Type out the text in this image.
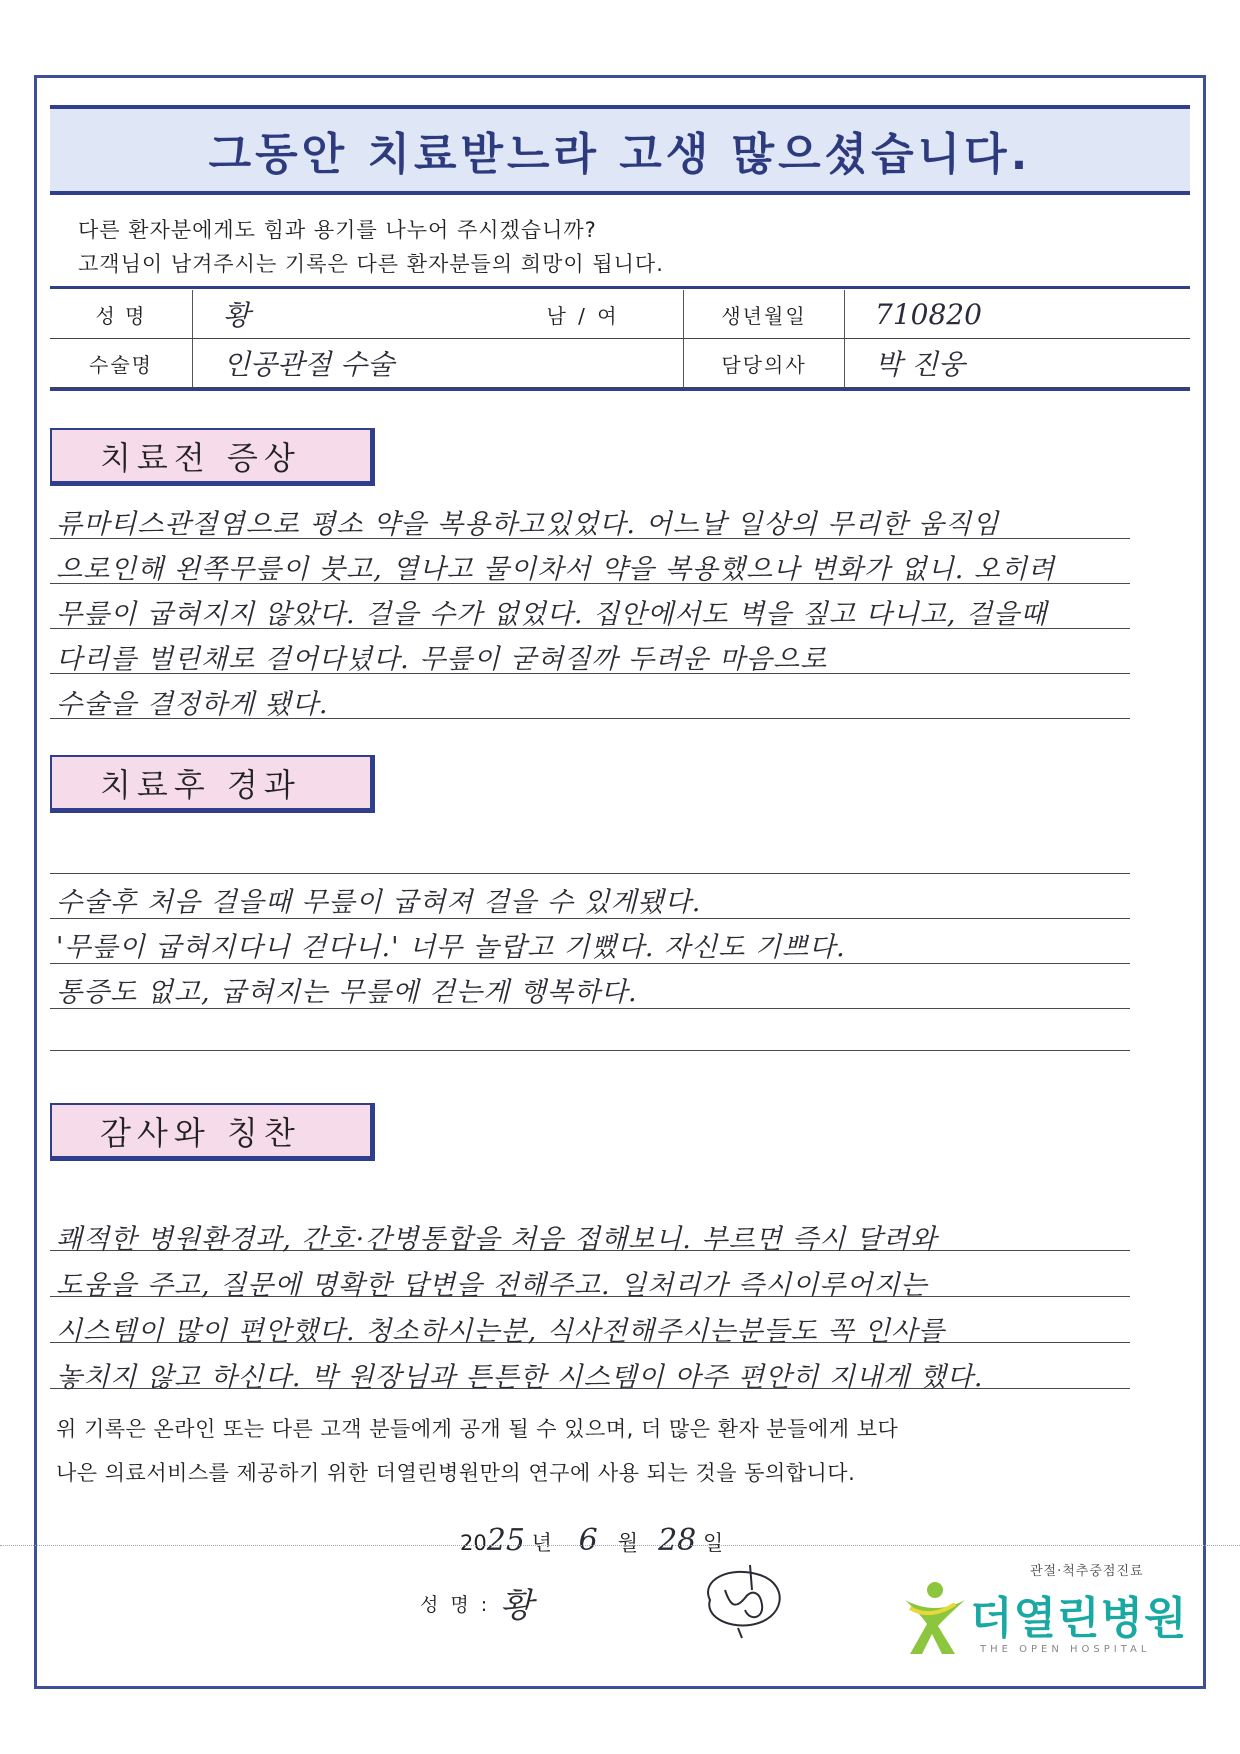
그동안 치료받느라 고생 많으셨습니다.
다른 환자분에게도 힘과 용기를 나누어 주시겠습니까?
고객님이 남겨주시는 기록은 다른 환자분들의 희망이 됩니다.
성 명	황	남 / 여	생년월일	710820
수술명	인공관절 수술		담당의사	박 진웅
치료전 증상
류마티스관절염으로 평소 약을 복용하고있었다. 어느날 일상의 무리한 움직임
으로인해 왼쪽무릎이 붓고, 열나고 물이차서 약을 복용했으나 변화가 없니. 오히려
무릎이 굽혀지지 않았다. 걸을 수가 없었다. 집안에서도 벽을 짚고 다니고, 걸을때
다리를 벌린채로 걸어다녔다. 무릎이 굳혀질까 두려운 마음으로
수술을 결정하게 됐다.
치료후 경과
수술후 처음 걸을때 무릎이 굽혀져 걸을 수 있게됐다.
'무릎이 굽혀지다니 걷다니.' 너무 놀랍고 기뻤다. 자신도 기쁘다.
통증도 없고, 굽혀지는 무릎에 걷는게 행복하다.
감사와 칭찬
쾌적한 병원환경과, 간호·간병통합을 처음 접해보니. 부르면 즉시 달려와
도움을 주고, 질문에 명확한 답변을 전해주고. 일처리가 즉시이루어지는
시스템이 많이 편안했다. 청소하시는분, 식사전해주시는분들도 꼭 인사를
놓치지 않고 하신다. 박 원장님과 튼튼한 시스템이 아주 편안히 지내게 했다.
위 기록은 온라인 또는 다른 고객 분들에게 공개 될 수 있으며, 더 많은 환자 분들에게 보다
나은 의료서비스를 제공하기 위한 더열린병원만의 연구에 사용 되는 것을 동의합니다.
2025 년 6 월 28 일
성 명 : 황
관절·척추중점진료
더열린병원
THE OPEN HOSPITAL
